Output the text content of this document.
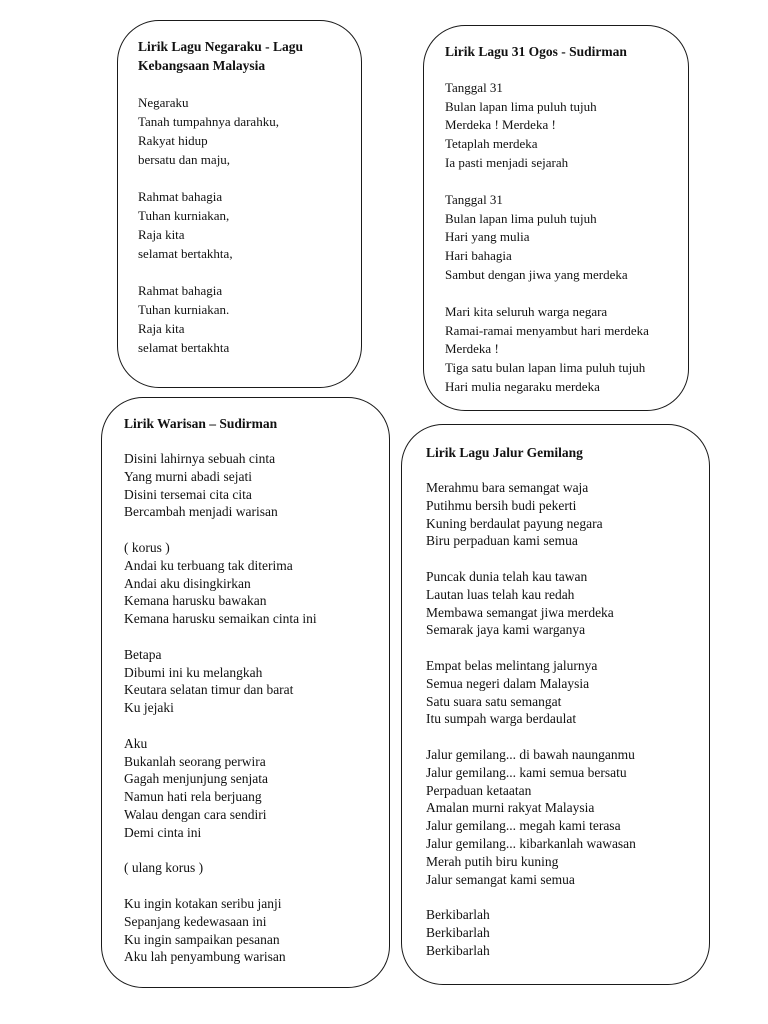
Lirik Lagu Negaraku - Lagu Kebangsaan Malaysia
Negaraku
Tanah tumpahnya darahku,
Rakyat hidup
bersatu dan maju,
Rahmat bahagia
Tuhan kurniakan,
Raja kita
selamat bertakhta,
Rahmat bahagia
Tuhan kurniakan.
Raja kita
selamat bertakhta
Lirik Lagu 31 Ogos - Sudirman
Tanggal 31
Bulan lapan lima puluh tujuh
Merdeka ! Merdeka !
Tetaplah merdeka
Ia pasti menjadi sejarah
Tanggal 31
Bulan lapan lima puluh tujuh
Hari yang mulia
Hari bahagia
Sambut dengan jiwa yang merdeka
Mari kita seluruh warga negara
Ramai-ramai menyambut hari merdeka
Merdeka !
Tiga satu bulan lapan lima puluh tujuh
Hari mulia negaraku merdeka
Lirik Warisan – Sudirman
Disini lahirnya sebuah cinta
Yang murni abadi sejati
Disini tersemai cita cita
Bercambah menjadi warisan
( korus )
Andai ku terbuang tak diterima
Andai aku disingkirkan
Kemana harusku bawakan
Kemana harusku semaikan cinta ini
Betapa
Dibumi ini ku melangkah
Keutara selatan timur dan barat
Ku jejaki
Aku
Bukanlah seorang perwira
Gagah menjunjung senjata
Namun hati rela berjuang
Walau dengan cara sendiri
Demi cinta ini
( ulang korus )
Ku ingin kotakan seribu janji
Sepanjang kedewasaan ini
Ku ingin sampaikan pesanan
Aku lah penyambung warisan
Lirik Lagu Jalur Gemilang
Merahmu bara semangat waja
Putihmu bersih budi pekerti
Kuning berdaulat payung negara
Biru perpaduan kami semua
Puncak dunia telah kau tawan
Lautan luas telah kau redah
Membawa semangat jiwa merdeka
Semarak jaya kami warganya
Empat belas melintang jalurnya
Semua negeri dalam Malaysia
Satu suara satu semangat
Itu sumpah warga berdaulat
Jalur gemilang... di bawah naunganmu
Jalur gemilang... kami semua bersatu
Perpaduan ketaatan
Amalan murni rakyat Malaysia
Jalur gemilang... megah kami terasa
Jalur gemilang... kibarkanlah wawasan
Merah putih biru kuning
Jalur semangat kami semua
Berkibarlah
Berkibarlah
Berkibarlah
